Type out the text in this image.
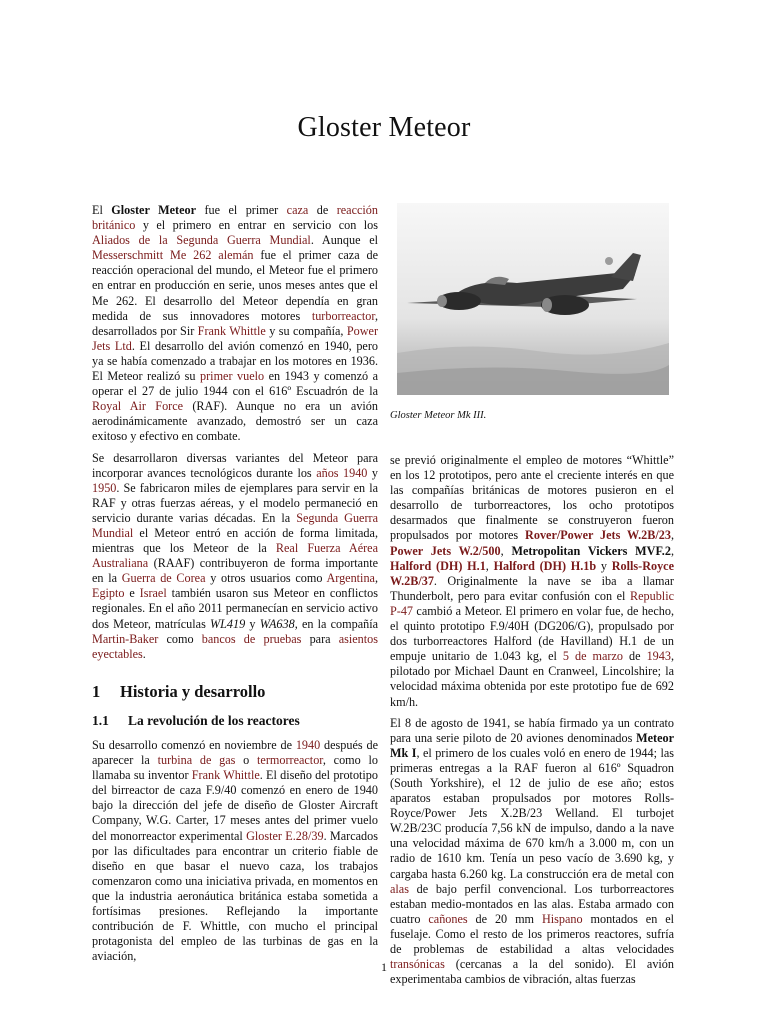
Gloster Meteor

El Gloster Meteor fue el primer caza de reacción británico y el primero en entrar en servicio con los Aliados de la Segunda Guerra Mundial. Aunque el Messerschmitt Me 262 alemán fue el primer caza de reacción operacional del mundo, el Meteor fue el primero en entrar en producción en serie, unos meses antes que el Me 262. El desarrollo del Meteor dependía en gran medida de sus innovadores motores turborreactor, desarrollados por Sir Frank Whittle y su compañía, Power Jets Ltd. El desarrollo del avión comenzó en 1940, pero ya se había comenzado a trabajar en los motores en 1936. El Meteor realizó su primer vuelo en 1943 y comenzó a operar el 27 de julio 1944 con el 616º Escuadrón de la Royal Air Force (RAF). Aunque no era un avión aerodinámicamente avanzado, demostró ser un caza exitoso y efectivo en combate.

Se desarrollaron diversas variantes del Meteor para incorporar avances tecnológicos durante los años 1940 y 1950. Se fabricaron miles de ejemplares para servir en la RAF y otras fuerzas aéreas, y el modelo permaneció en servicio durante varias décadas. En la Segunda Guerra Mundial el Meteor entró en acción de forma limitada, mientras que los Meteor de la Real Fuerza Aérea Australiana (RAAF) contribuyeron de forma importante en la Guerra de Corea y otros usuarios como Argentina, Egipto e Israel también usaron sus Meteor en conflictos regionales. En el año 2011 permanecían en servicio activo dos Meteor, matrículas WL419 y WA638, en la compañía Martin-Baker como bancos de pruebas para asientos eyectables.

1 Historia y desarrollo
1.1 La revolución de los reactores

Su desarrollo comenzó en noviembre de 1940 después de aparecer la turbina de gas o termorreactor, como lo llamaba su inventor Frank Whittle. El diseño del prototipo del birreactor de caza F.9/40 comenzó en enero de 1940 bajo la dirección del jefe de diseño de Gloster Aircraft Company, W.G. Carter, 17 meses antes del primer vuelo del monorreactor experimental Gloster E.28/39. Marcados por las dificultades para encontrar un criterio fiable de diseño en que basar el nuevo caza, los trabajos comenzaron como una iniciativa privada, en momentos en que la industria aeronáutica británica estaba sometida a fortísimas presiones. Reflejando la importante contribución de F. Whittle, con mucho el principal protagonista del empleo de las turbinas de gas en la aviación,

Gloster Meteor Mk III.

se previó originalmente el empleo de motores “Whittle” en los 12 prototipos, pero ante el creciente interés en que las compañías británicas de motores pusieron en el desarrollo de turborreactores, los ocho prototipos desarmados que finalmente se construyeron fueron propulsados por motores Rover/Power Jets W.2B/23, Power Jets W.2/500, Metropolitan Vickers MVF.2, Halford (DH) H.1, Halford (DH) H.1b y Rolls-Royce W.2B/37. Originalmente la nave se iba a llamar Thunderbolt, pero para evitar confusión con el Republic P-47 cambió a Meteor. El primero en volar fue, de hecho, el quinto prototipo F.9/40H (DG206/G), propulsado por dos turborreactores Halford (de Havilland) H.1 de un empuje unitario de 1.043 kg, el 5 de marzo de 1943, pilotado por Michael Daunt en Cranweel, Lincolshire; la velocidad máxima obtenida por este prototipo fue de 692 km/h.

El 8 de agosto de 1941, se había firmado ya un contrato para una serie piloto de 20 aviones denominados Meteor Mk I, el primero de los cuales voló en enero de 1944; las primeras entregas a la RAF fueron al 616º Squadron (South Yorkshire), el 12 de julio de ese año; estos aparatos estaban propulsados por motores Rolls-Royce/Power Jets X.2B/23 Welland. El turbojet W.2B/23C producía 7,56 kN de impulso, dando a la nave una velocidad máxima de 670 km/h a 3.000 m, con un radio de 1610 km. Tenía un peso vacío de 3.690 kg, y cargaba hasta 6.260 kg. La construcción era de metal con alas de bajo perfil convencional. Los turborreactores estaban medio-montados en las alas. Estaba armado con cuatro cañones de 20 mm Hispano montados en el fuselaje. Como el resto de los primeros reactores, sufría de problemas de estabilidad a altas velocidades transónicas (cercanas a la del sonido). El avión experimentaba cambios de vibración, altas fuerzas

1
